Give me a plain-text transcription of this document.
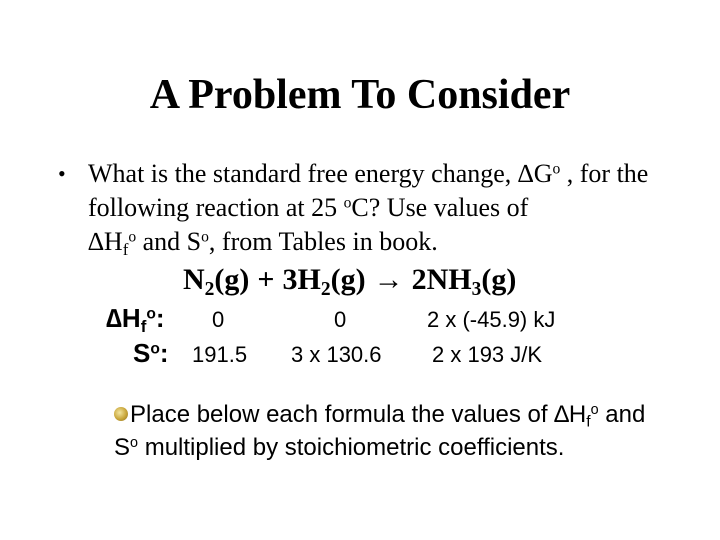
A Problem To Consider
• What is the standard free energy change, $\Delta G^o$ , for the following reaction at 25 $^o$C? Use values of
$\Delta H_f^o$ and $S^o$, from Tables in book.
$N_2(g) + 3H_2(g) \to 2NH_3(g)$
$\Delta H_f^o$: 0	0	2 x (-45.9) kJ
$S^o$: 191.5 3 x 130.6 2 x 193 J/K
Place below each formula the values of $\Delta H_f^o$ and $S^o$ multiplied by stoichiometric coefficients.
